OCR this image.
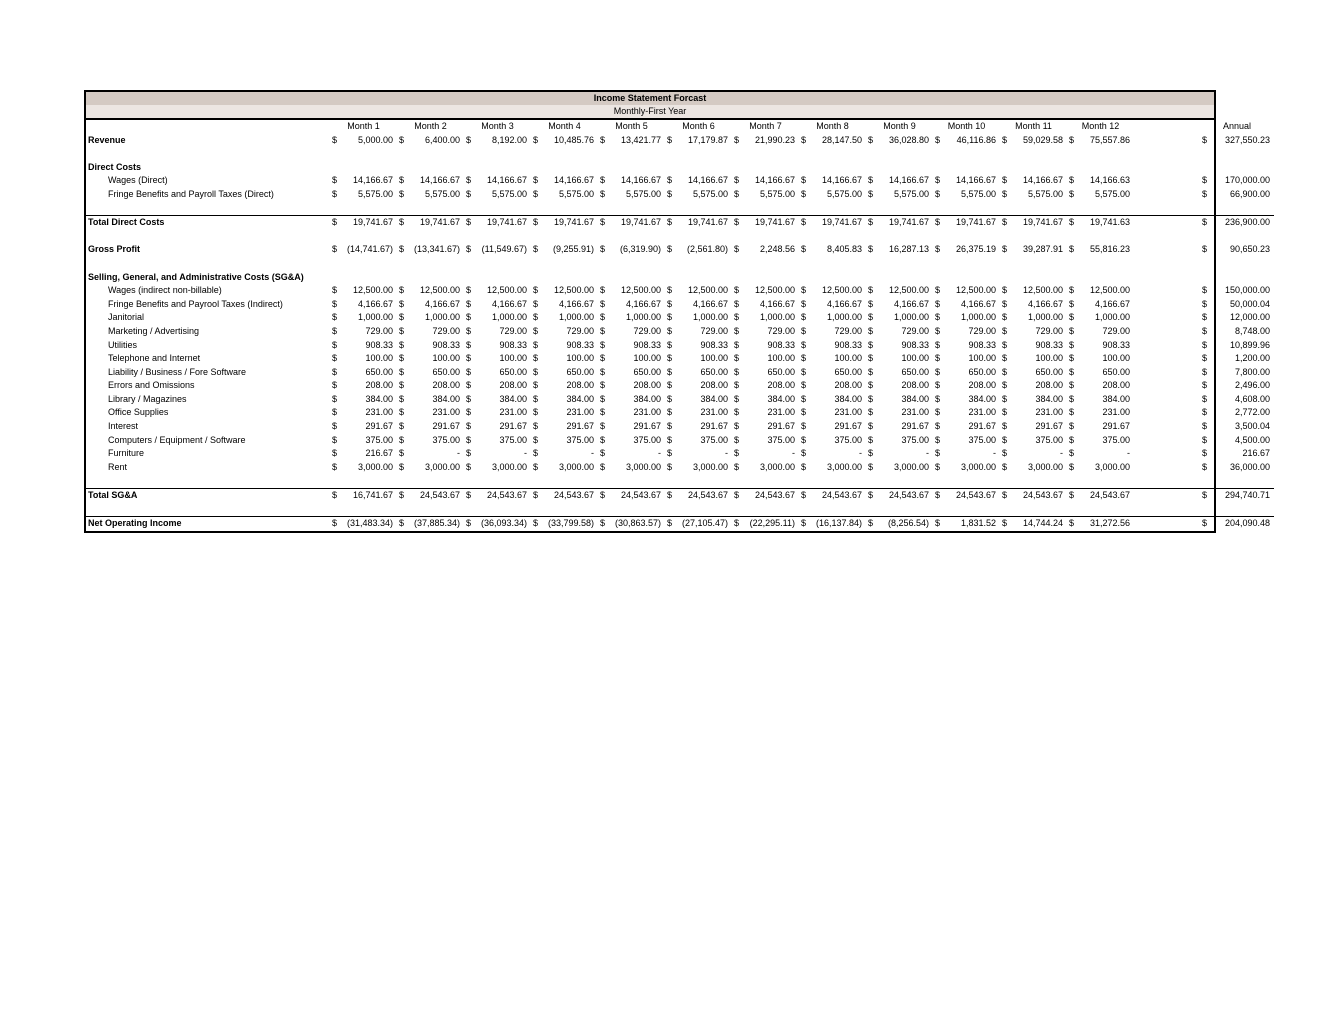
Income Statement Forcast
Monthly-First Year
	Month 1		Month 2		Month 3		Month 4		Month 5		Month 6		Month 7		Month 8		Month 9		Month 10		Month 11		Month 12			Annual	
Revenue	$	5,000.00	$	6,400.00	$	8,192.00	$	10,485.76	$	13,421.77	$	17,179.87	$	21,990.23	$	28,147.50	$	36,028.80	$	46,116.86	$	59,029.58	$	75,557.86		$	327,550.23

Direct Costs																											
Wages (Direct)	$	14,166.67	$	14,166.67	$	14,166.67	$	14,166.67	$	14,166.67	$	14,166.67	$	14,166.67	$	14,166.67	$	14,166.67	$	14,166.67	$	14,166.67	$	14,166.63		$	170,000.00
Fringe Benefits and Payroll Taxes (Direct)	$	5,575.00	$	5,575.00	$	5,575.00	$	5,575.00	$	5,575.00	$	5,575.00	$	5,575.00	$	5,575.00	$	5,575.00	$	5,575.00	$	5,575.00	$	5,575.00		$	66,900.00

Total Direct Costs	$	19,741.67	$	19,741.67	$	19,741.67	$	19,741.67	$	19,741.67	$	19,741.67	$	19,741.67	$	19,741.67	$	19,741.67	$	19,741.67	$	19,741.67	$	19,741.63		$	236,900.00

Gross Profit	$	(14,741.67)	$	(13,341.67)	$	(11,549.67)	$	(9,255.91)	$	(6,319.90)	$	(2,561.80)	$	2,248.56	$	8,405.83	$	16,287.13	$	26,375.19	$	39,287.91	$	55,816.23		$	90,650.23

Selling, General, and Administrative Costs (SG&A)																											
Wages (indirect non-billable)	$	12,500.00	$	12,500.00	$	12,500.00	$	12,500.00	$	12,500.00	$	12,500.00	$	12,500.00	$	12,500.00	$	12,500.00	$	12,500.00	$	12,500.00	$	12,500.00		$	150,000.00
Fringe Benefits and Payrool Taxes (Indirect)	$	4,166.67	$	4,166.67	$	4,166.67	$	4,166.67	$	4,166.67	$	4,166.67	$	4,166.67	$	4,166.67	$	4,166.67	$	4,166.67	$	4,166.67	$	4,166.67		$	50,000.04
Janitorial	$	1,000.00	$	1,000.00	$	1,000.00	$	1,000.00	$	1,000.00	$	1,000.00	$	1,000.00	$	1,000.00	$	1,000.00	$	1,000.00	$	1,000.00	$	1,000.00		$	12,000.00
Marketing / Advertising	$	729.00	$	729.00	$	729.00	$	729.00	$	729.00	$	729.00	$	729.00	$	729.00	$	729.00	$	729.00	$	729.00	$	729.00		$	8,748.00
Utilities	$	908.33	$	908.33	$	908.33	$	908.33	$	908.33	$	908.33	$	908.33	$	908.33	$	908.33	$	908.33	$	908.33	$	908.33		$	10,899.96
Telephone and Internet	$	100.00	$	100.00	$	100.00	$	100.00	$	100.00	$	100.00	$	100.00	$	100.00	$	100.00	$	100.00	$	100.00	$	100.00		$	1,200.00
Liability / Business / Fore Software	$	650.00	$	650.00	$	650.00	$	650.00	$	650.00	$	650.00	$	650.00	$	650.00	$	650.00	$	650.00	$	650.00	$	650.00		$	7,800.00
Errors and Omissions	$	208.00	$	208.00	$	208.00	$	208.00	$	208.00	$	208.00	$	208.00	$	208.00	$	208.00	$	208.00	$	208.00	$	208.00		$	2,496.00
Library / Magazines	$	384.00	$	384.00	$	384.00	$	384.00	$	384.00	$	384.00	$	384.00	$	384.00	$	384.00	$	384.00	$	384.00	$	384.00		$	4,608.00
Office Supplies	$	231.00	$	231.00	$	231.00	$	231.00	$	231.00	$	231.00	$	231.00	$	231.00	$	231.00	$	231.00	$	231.00	$	231.00		$	2,772.00
Interest	$	291.67	$	291.67	$	291.67	$	291.67	$	291.67	$	291.67	$	291.67	$	291.67	$	291.67	$	291.67	$	291.67	$	291.67		$	3,500.04
Computers / Equipment / Software	$	375.00	$	375.00	$	375.00	$	375.00	$	375.00	$	375.00	$	375.00	$	375.00	$	375.00	$	375.00	$	375.00	$	375.00		$	4,500.00
Furniture	$	216.67	$	-	$	-	$	-	$	-	$	-	$	-	$	-	$	-	$	-	$	-	$	-		$	216.67
Rent	$	3,000.00	$	3,000.00	$	3,000.00	$	3,000.00	$	3,000.00	$	3,000.00	$	3,000.00	$	3,000.00	$	3,000.00	$	3,000.00	$	3,000.00	$	3,000.00		$	36,000.00

Total SG&A	$	16,741.67	$	24,543.67	$	24,543.67	$	24,543.67	$	24,543.67	$	24,543.67	$	24,543.67	$	24,543.67	$	24,543.67	$	24,543.67	$	24,543.67	$	24,543.67		$	294,740.71

Net Operating Income	$	(31,483.34)	$	(37,885.34)	$	(36,093.34)	$	(33,799.58)	$	(30,863.57)	$	(27,105.47)	$	(22,295.11)	$	(16,137.84)	$	(8,256.54)	$	1,831.52	$	14,744.24	$	31,272.56		$	204,090.48
